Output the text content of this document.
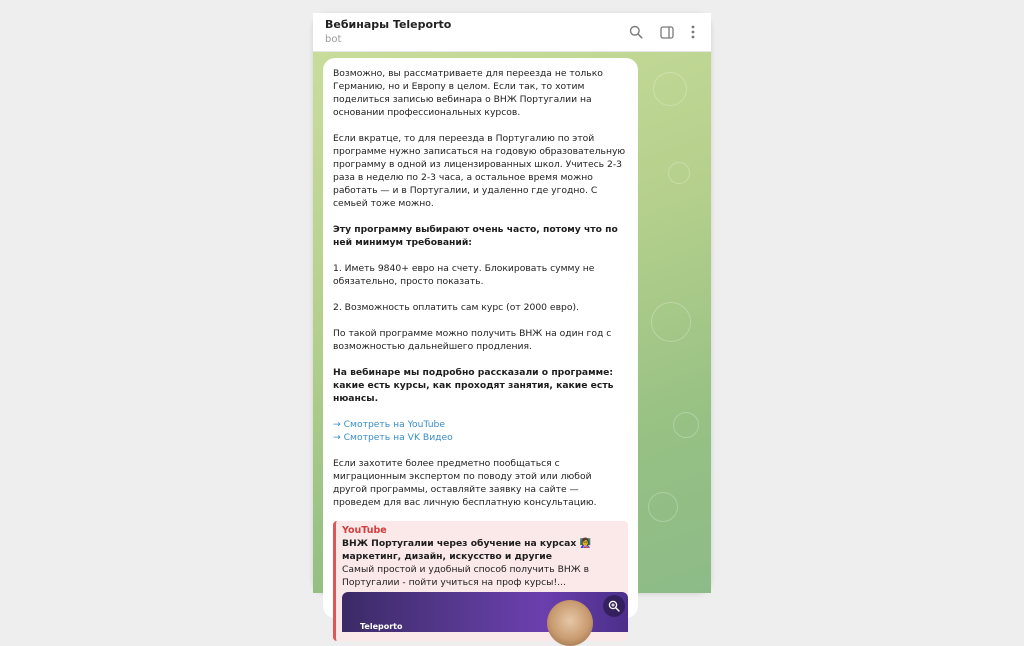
Вебинары Teleporto
bot

Возможно, вы рассматриваете для переезда не только Германию, но и Европу в целом. Если так, то хотим поделиться записью вебинара о ВНЖ Португалии на основании профессиональных курсов.

Если вкратце, то для переезда в Португалию по этой программе нужно записаться на годовую образовательную программу в одной из лицензированных школ. Учитесь 2-3 раза в неделю по 2-3 часа, а остальное время можно работать — и в Португалии, и удаленно где угодно. С семьей тоже можно.

Эту программу выбирают очень часто, потому что по ней минимум требований:

1. Иметь 9840+ евро на счету. Блокировать сумму не обязательно, просто показать.

2. Возможность оплатить сам курс (от 2000 евро).

По такой программе можно получить ВНЖ на один год с возможностью дальнейшего продления.

На вебинаре мы подробно рассказали о программе: какие есть курсы, как проходят занятия, какие есть нюансы.

→ Смотреть на YouTube
→ Смотреть на VK Видео

Если захотите более предметно пообщаться с миграционным экспертом по поводу этой или любой другой программы, оставляйте заявку на сайте — проведем для вас личную бесплатную консультацию.

YouTube
ВНЖ Португалии через обучение на курсах 👩‍🏫 маркетинг, дизайн, искусство и другие
Самый простой и удобный способ получить ВНЖ в Португалии - пойти учиться на проф курсы!...
Teleporto
